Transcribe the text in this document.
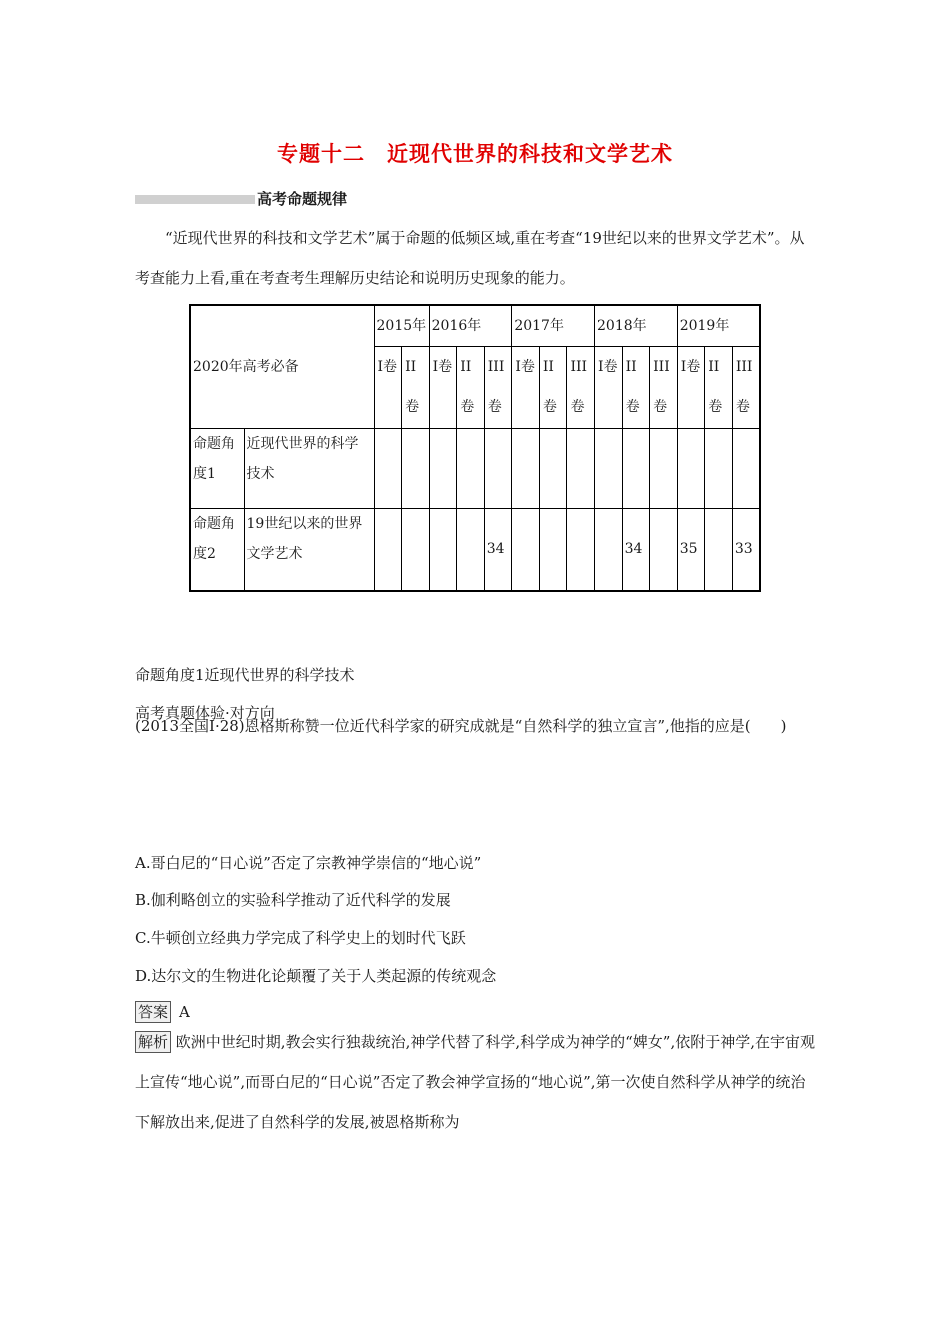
专题十二　近现代世界的科技和文学艺术
高考命题规律
“近现代世界的科技和文学艺术”属于命题的低频区域,重在考查“19世纪以来的世界文学艺术”。从考查能力上看,重在考查考生理解历史结论和说明历史现象的能力。
2020年高考必备		2015年		2016年			2017年			2018年			2019年		
		I卷	II卷	I卷	II卷	III卷	I卷	II卷	III卷	I卷	II卷	III卷	I卷	II卷	III卷
命题角度1	近现代世界的科学技术														
命题角度2	19世纪以来的世界文学艺术					34					34		35		33
命题角度1近现代世界的科学技术
高考真题体验·对方向
(2013全国Ⅰ·28)恩格斯称赞一位近代科学家的研究成就是“自然科学的独立宣言”,他指的应是(　　)
A.哥白尼的“日心说”否定了宗教神学崇信的“地心说”
B.伽利略创立的实验科学推动了近代科学的发展
C.牛顿创立经典力学完成了科学史上的划时代飞跃
D.达尔文的生物进化论颠覆了关于人类起源的传统观念
答案 A
解析 欧洲中世纪时期,教会实行独裁统治,神学代替了科学,科学成为神学的“婢女”,依附于神学,在宇宙观上宣传“地心说”,而哥白尼的“日心说”否定了教会神学宣扬的“地心说”,第一次使自然科学从神学的统治下解放出来,促进了自然科学的发展,被恩格斯称为
